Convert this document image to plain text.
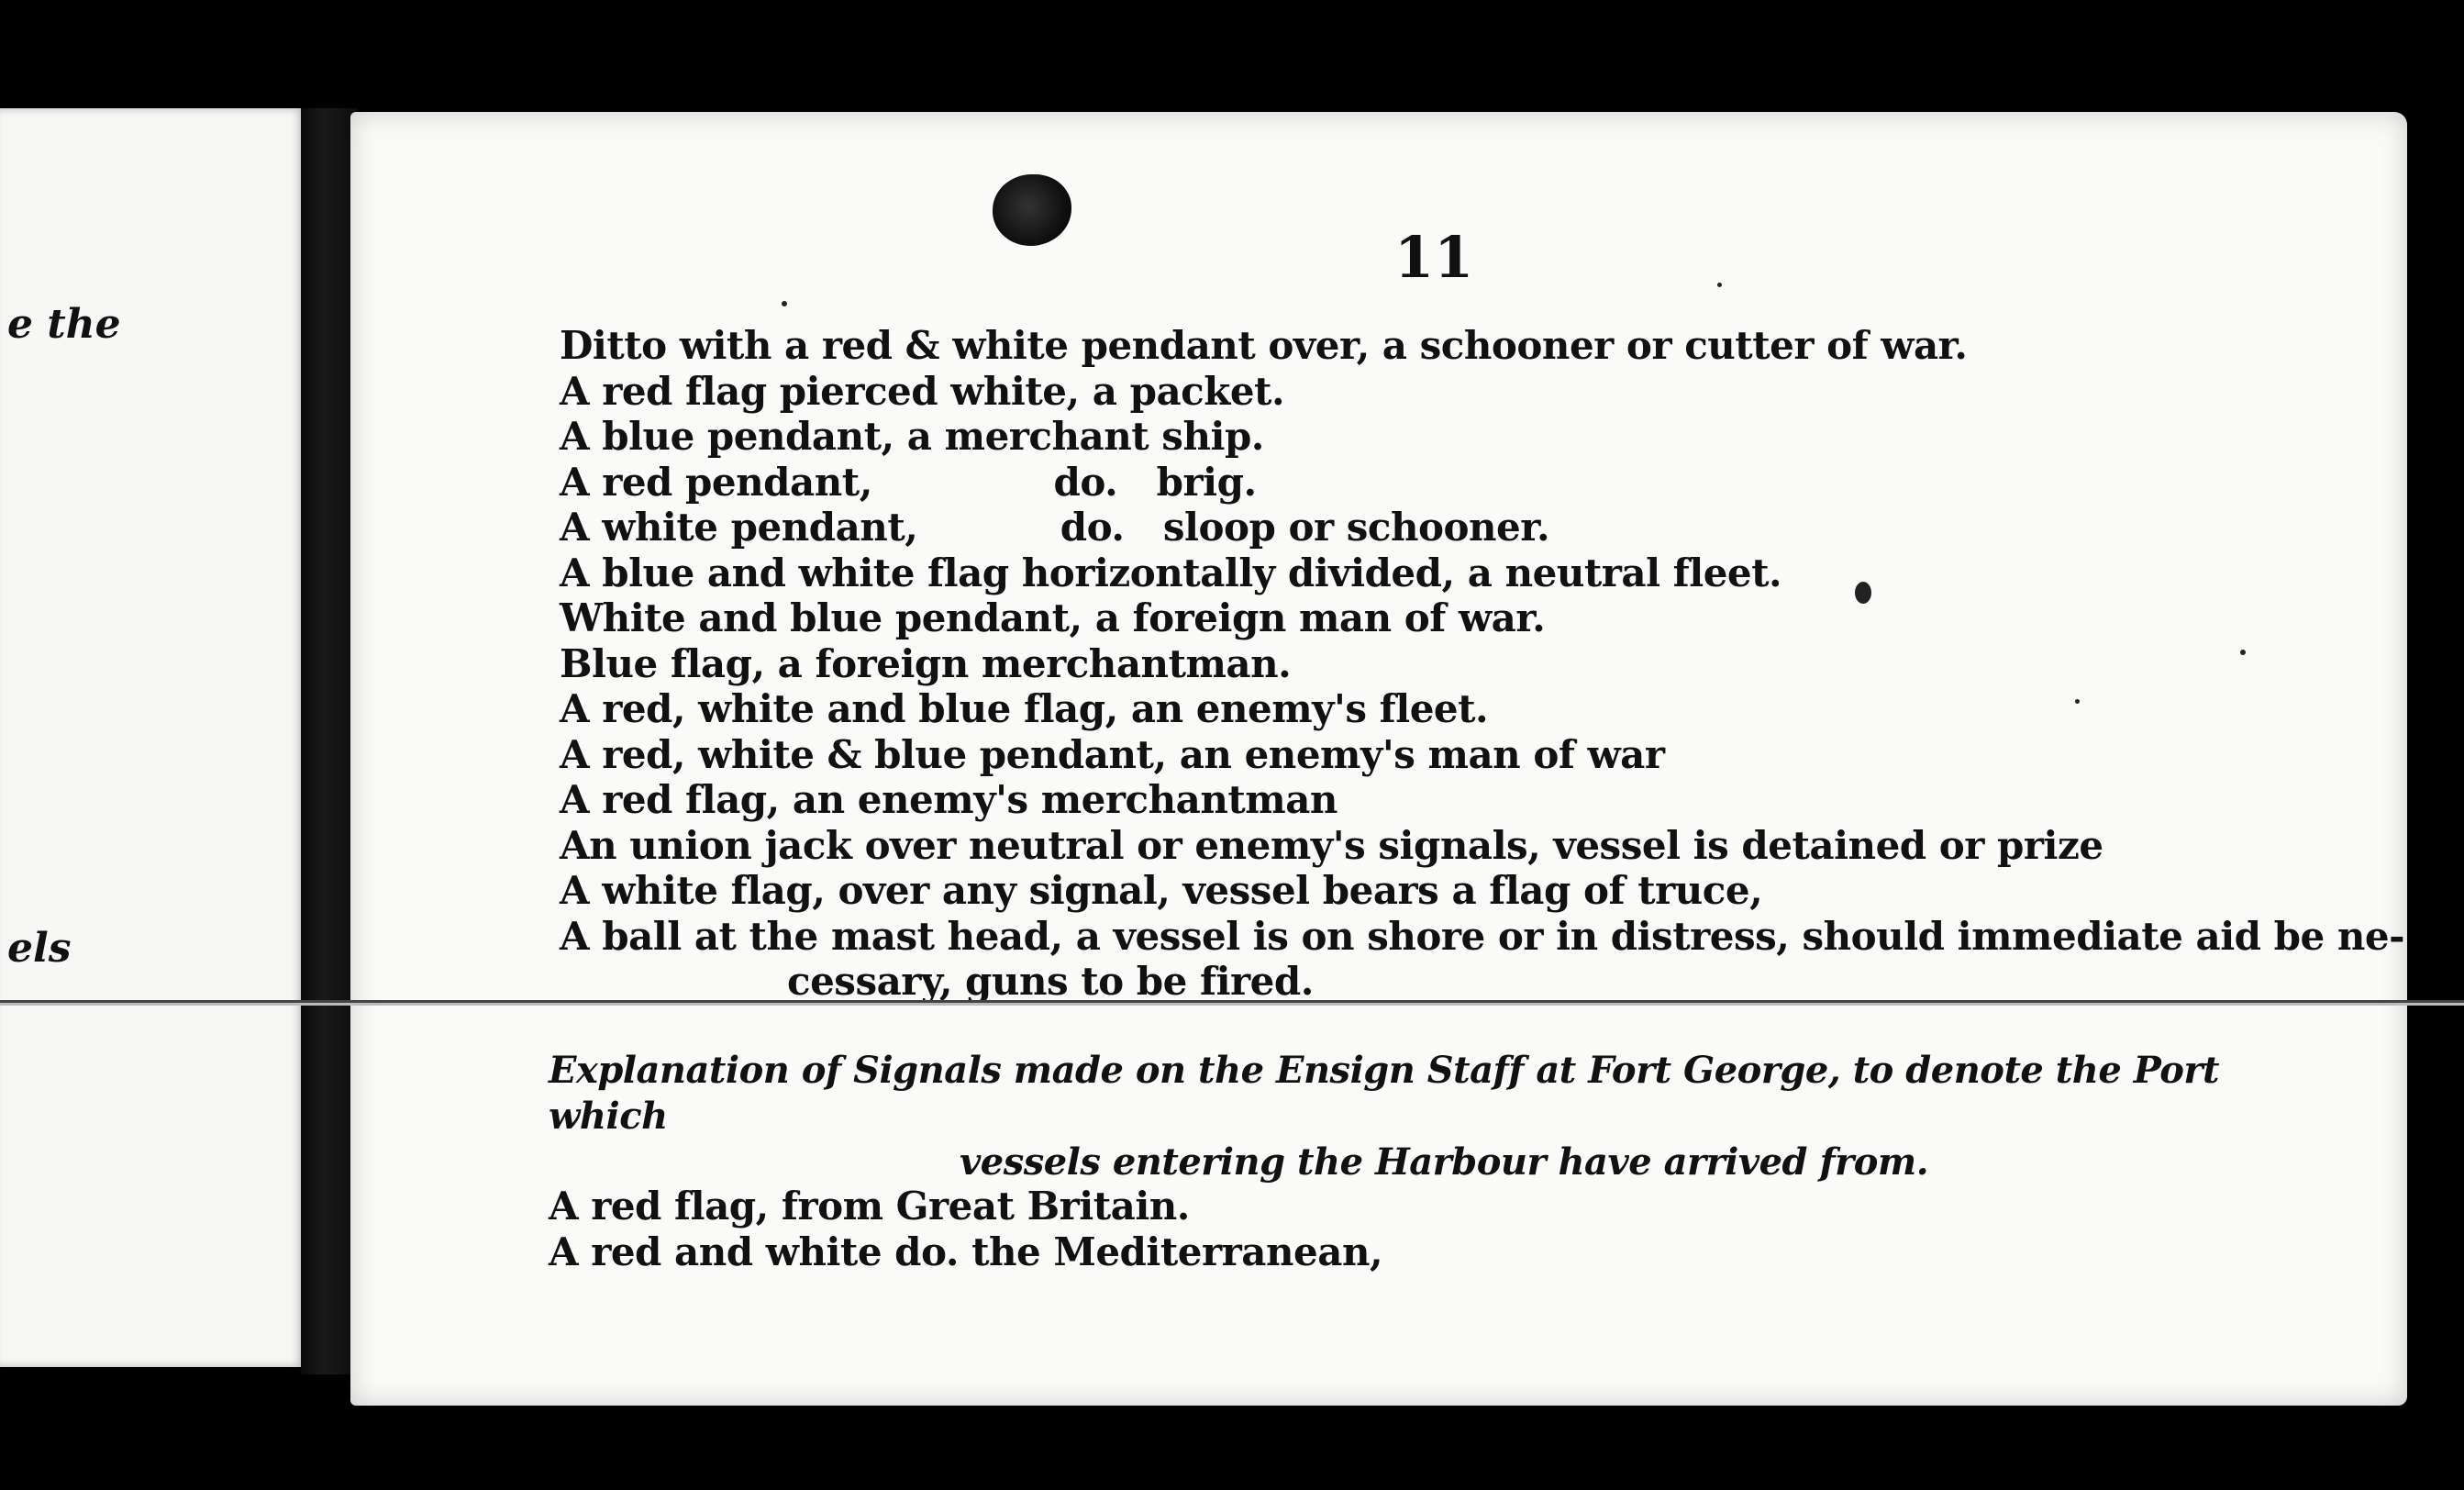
e the
els
11
Ditto with a red & white pendant over, a schooner or cutter of war.
A red flag pierced white, a packet.
A blue pendant, a merchant ship.
A red pendant,              do.   brig.
A white pendant,           do.   sloop or schooner.
A blue and white flag horizontally divided, a neutral fleet.
White and blue pendant, a foreign man of war.
Blue flag, a foreign merchantman.
A red, white and blue flag, an enemy's fleet.
A red, white & blue pendant, an enemy's man of war
A red flag, an enemy's merchantman
An union jack over neutral or enemy's signals, vessel is detained or prize
A white flag, over any signal, vessel bears a flag of truce,
A ball at the mast head, a vessel is on shore or in distress, should immediate aid be ne-
cessary, guns to be fired.

Explanation of Signals made on the Ensign Staff at Fort George, to denote the Port which
vessels entering the Harbour have arrived from.

A red flag, from Great Britain.
A red and white do. the Mediterranean,
